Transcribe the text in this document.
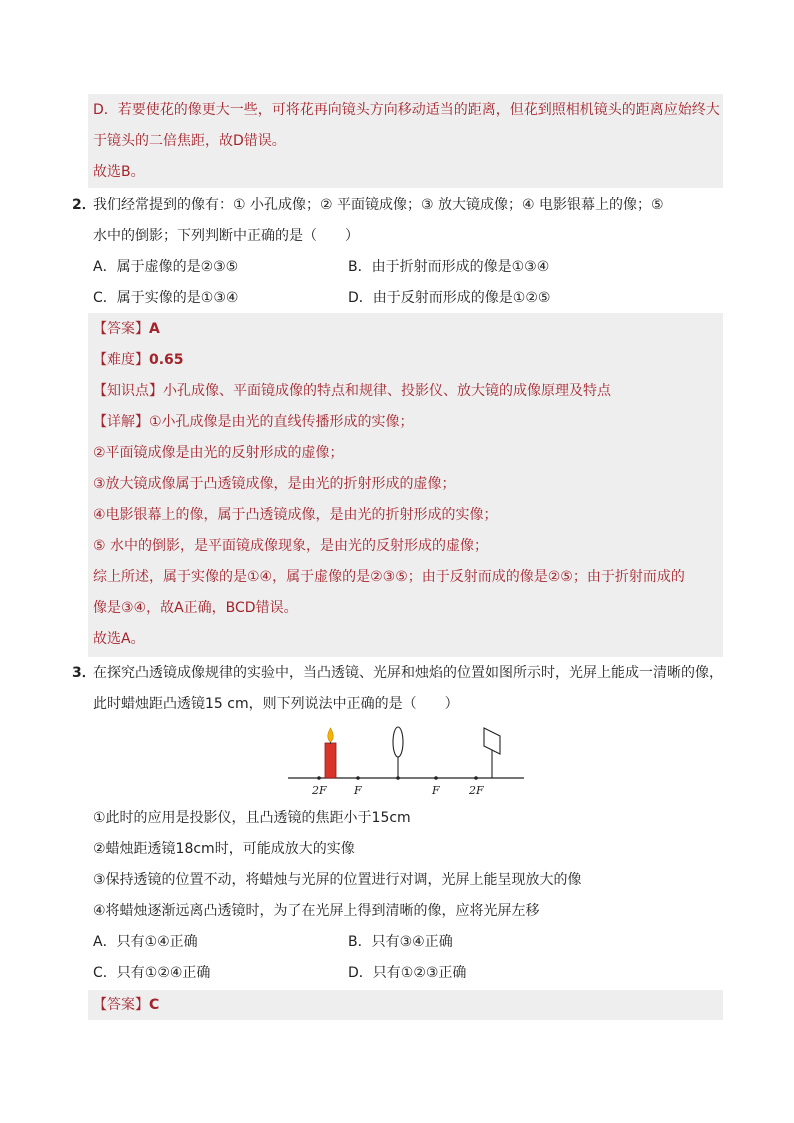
D．若要使花的像更大一些，可将花再向镜头方向移动适当的距离，但花到照相机镜头的距离应始终大
于镜头的二倍焦距，故D错误。
故选B。
2．
我们经常提到的像有：① 小孔成像；② 平面镜成像；③ 放大镜成像；④ 电影银幕上的像；⑤
水中的倒影；下列判断中正确的是（　　）
A．属于虚像的是②③⑤	B．由于折射而形成的像是①③④
C．属于实像的是①③④	D．由于反射而形成的像是①②⑤
【答案】A
【难度】0.65
【知识点】小孔成像、平面镜成像的特点和规律、投影仪、放大镜的成像原理及特点
【详解】①小孔成像是由光的直线传播形成的实像；
②平面镜成像是由光的反射形成的虚像；
③放大镜成像属于凸透镜成像，是由光的折射形成的虚像；
④电影银幕上的像，属于凸透镜成像，是由光的折射形成的实像；
⑤ 水中的倒影，是平面镜成像现象，是由光的反射形成的虚像；
综上所述，属于实像的是①④，属于虚像的是②③⑤；由于反射而成的像是②⑤；由于折射而成的
像是③④，故A正确，BCD错误。
故选A。
3．
在探究凸透镜成像规律的实验中，当凸透镜、光屏和烛焰的位置如图所示时，光屏上能成一清晰的像，
此时蜡烛距凸透镜15 cm，则下列说法中正确的是（　　）
2F F	F	2F
①此时的应用是投影仪，且凸透镜的焦距小于15cm
②蜡烛距透镜18cm时，可能成放大的实像
③保持透镜的位置不动，将蜡烛与光屏的位置进行对调，光屏上能呈现放大的像
④将蜡烛逐渐远离凸透镜时，为了在光屏上得到清晰的像，应将光屏左移
A．只有①④正确	B．只有③④正确
C．只有①②④正确	D．只有①②③正确
【答案】C
